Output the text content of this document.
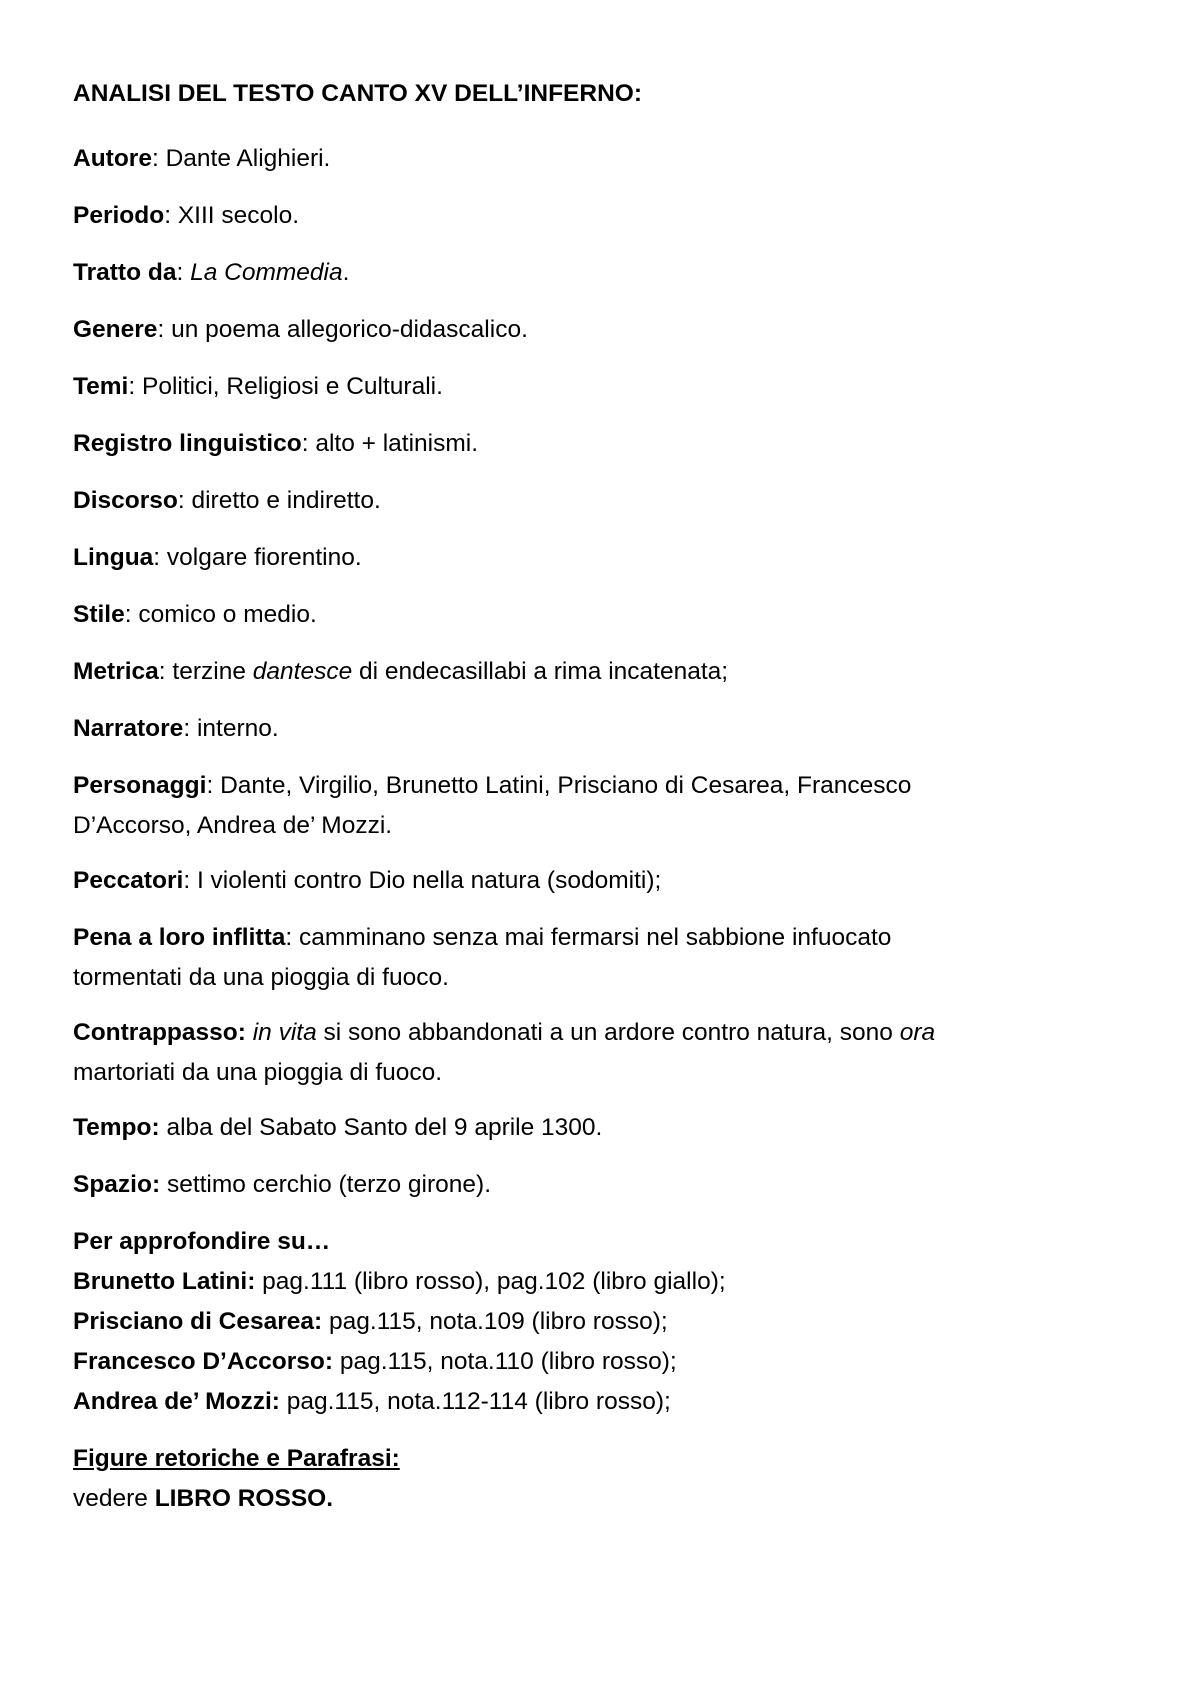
ANALISI DEL TESTO CANTO XV DELL’INFERNO:

Autore: Dante Alighieri.

Periodo: XIII secolo.

Tratto da: La Commedia.

Genere: un poema allegorico-didascalico.

Temi: Politici, Religiosi e Culturali.

Registro linguistico: alto + latinismi.

Discorso: diretto e indiretto.

Lingua: volgare fiorentino.

Stile: comico o medio.

Metrica: terzine dantesce di endecasillabi a rima incatenata;

Narratore: interno.

Personaggi: Dante, Virgilio, Brunetto Latini, Prisciano di Cesarea, Francesco
D’Accorso, Andrea de’ Mozzi.

Peccatori: I violenti contro Dio nella natura (sodomiti);

Pena a loro inflitta: camminano senza mai fermarsi nel sabbione infuocato
tormentati da una pioggia di fuoco.

Contrappasso: in vita si sono abbandonati a un ardore contro natura, sono ora
martoriati da una pioggia di fuoco.

Tempo: alba del Sabato Santo del 9 aprile 1300.

Spazio: settimo cerchio (terzo girone).

Per approfondire su…
Brunetto Latini: pag.111 (libro rosso), pag.102 (libro giallo);
Prisciano di Cesarea: pag.115, nota.109 (libro rosso);
Francesco D’Accorso: pag.115, nota.110 (libro rosso);
Andrea de’ Mozzi: pag.115, nota.112-114 (libro rosso);
Figure retoriche e Parafrasi:
vedere LIBRO ROSSO.
